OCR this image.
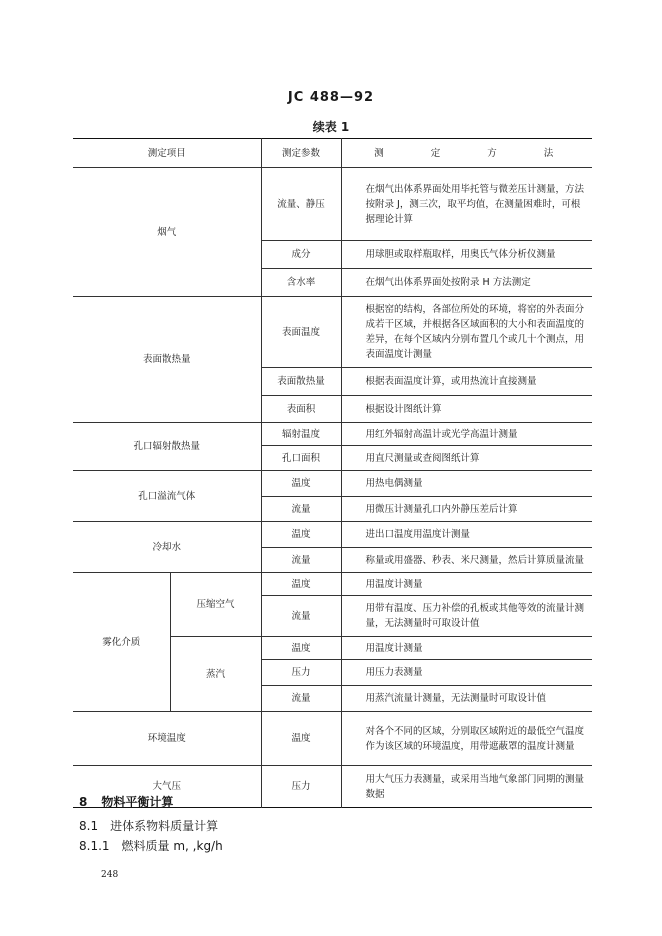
JC 488—92
续表 1
测定项目		测定参数	测 定 方 法
烟气		流量、静压	在烟气出体系界面处用毕托管与微差压计测量，方法按附录 J，测三次，取平均值，在测量困难时，可根据理论计算
		成分	用球胆或取样瓶取样，用奥氏气体分析仪测量
		含水率	在烟气出体系界面处按附录 H 方法测定
表面散热量		表面温度	根据窑的结构，各部位所处的环境，将窑的外表面分成若干区域，并根据各区域面积的大小和表面温度的差异，在每个区域内分别布置几个或几十个测点，用表面温度计测量
		表面散热量	根据表面温度计算，或用热流计直接测量
		表面积	根据设计图纸计算
孔口辐射散热量		辐射温度	用红外辐射高温计或光学高温计测量
		孔口面积	用直尺测量或查阅图纸计算
孔口溢流气体		温度	用热电偶测量
		流量	用微压计测量孔口内外静压差后计算
冷却水		温度	进出口温度用温度计测量
		流量	称量或用盛器、秒表、米尺测量，然后计算质量流量
雾化介质	压缩空气	温度	用温度计测量
		流量	用带有温度、压力补偿的孔板或其他等效的流量计测量，无法测量时可取设计值
	蒸汽	温度	用温度计测量
		压力	用压力表测量
		流量	用蒸汽流量计测量，无法测量时可取设计值
环境温度		温度	对各个不同的区域，分别取区域附近的最低空气温度作为该区域的环境温度，用带遮蔽罩的温度计测量
大气压		压力	用大气压力表测量，或采用当地气象部门同期的测量数据
8 物料平衡计算
8.1 进体系物料质量计算
8.1.1 燃料质量 m, ,kg/h
248
